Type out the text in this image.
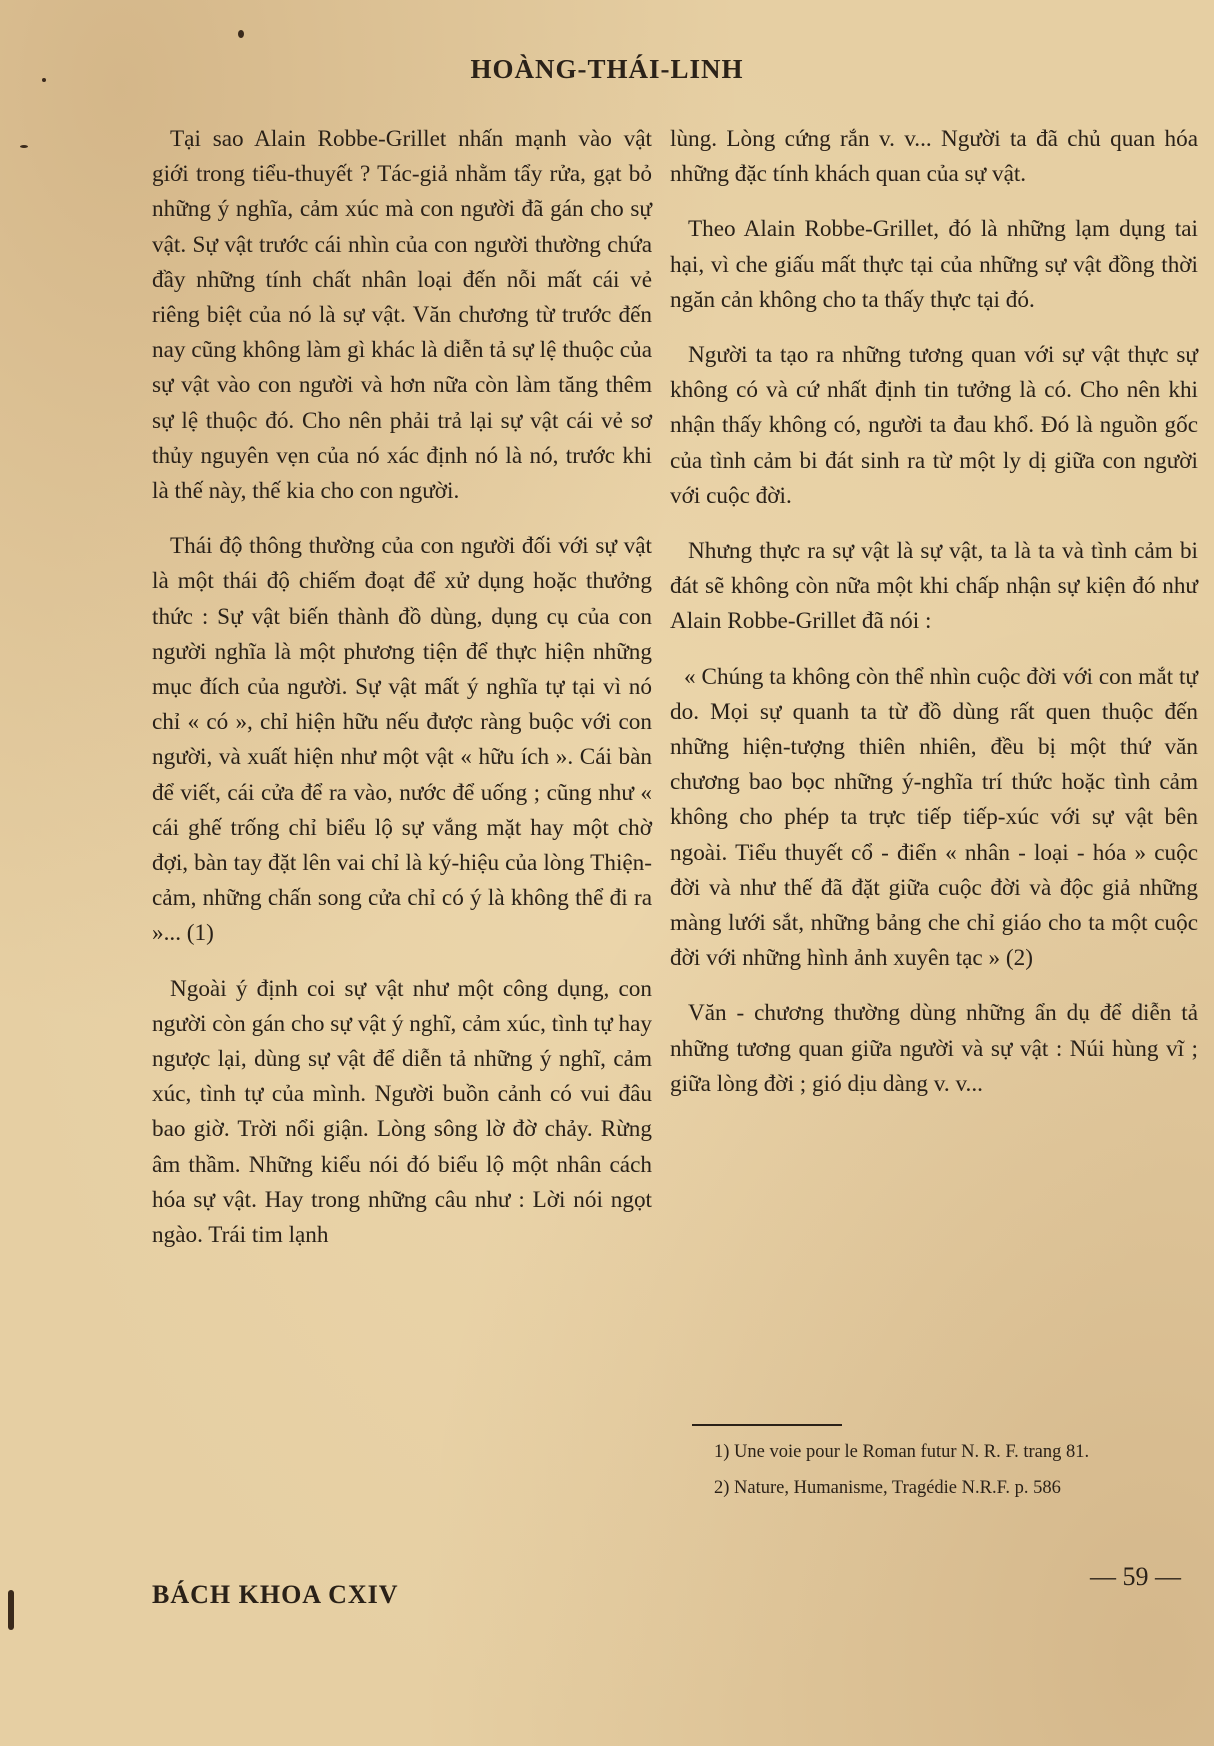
HOÀNG-THÁI-LINH

Tại sao Alain Robbe-Grillet nhấn mạnh vào vật giới trong tiểu-thuyết ? Tác-giả nhằm tẩy rửa, gạt bỏ những ý nghĩa, cảm xúc mà con người đã gán cho sự vật. Sự vật trước cái nhìn của con người thường chứa đầy những tính chất nhân loại đến nỗi mất cái vẻ riêng biệt của nó là sự vật. Văn chương từ trước đến nay cũng không làm gì khác là diễn tả sự lệ thuộc của sự vật vào con người và hơn nữa còn làm tăng thêm sự lệ thuộc đó. Cho nên phải trả lại sự vật cái vẻ sơ thủy nguyên vẹn của nó xác định nó là nó, trước khi là thế này, thế kia cho con người.

Thái độ thông thường của con người đối với sự vật là một thái độ chiếm đoạt để xử dụng hoặc thưởng thức : Sự vật biến thành đồ dùng, dụng cụ của con người nghĩa là một phương tiện để thực hiện những mục đích của người. Sự vật mất ý nghĩa tự tại vì nó chỉ « có », chỉ hiện hữu nếu được ràng buộc với con người, và xuất hiện như một vật « hữu ích ». Cái bàn để viết, cái cửa để ra vào, nước để uống ; cũng như « cái ghế trống chỉ biểu lộ sự vắng mặt hay một chờ đợi, bàn tay đặt lên vai chỉ là ký-hiệu của lòng Thiện-cảm, những chấn song cửa chỉ có ý là không thể đi ra »... (1)

Ngoài ý định coi sự vật như một công dụng, con người còn gán cho sự vật ý nghĩ, cảm xúc, tình tự hay ngược lại, dùng sự vật để diễn tả những ý nghĩ, cảm xúc, tình tự của mình. Người buồn cảnh có vui đâu bao giờ. Trời nổi giận. Lòng sông lờ đờ chảy. Rừng âm thầm. Những kiểu nói đó biểu lộ một nhân cách hóa sự vật. Hay trong những câu như : Lời nói ngọt ngào. Trái tim lạnh

lùng. Lòng cứng rắn v. v... Người ta đã chủ quan hóa những đặc tính khách quan của sự vật.

Theo Alain Robbe-Grillet, đó là những lạm dụng tai hại, vì che giấu mất thực tại của những sự vật đồng thời ngăn cản không cho ta thấy thực tại đó.

Người ta tạo ra những tương quan với sự vật thực sự không có và cứ nhất định tin tưởng là có. Cho nên khi nhận thấy không có, người ta đau khổ. Đó là nguồn gốc của tình cảm bi đát sinh ra từ một ly dị giữa con người với cuộc đời.

Nhưng thực ra sự vật là sự vật, ta là ta và tình cảm bi đát sẽ không còn nữa một khi chấp nhận sự kiện đó như Alain Robbe-Grillet đã nói :

« Chúng ta không còn thể nhìn cuộc đời với con mắt tự do. Mọi sự quanh ta từ đồ dùng rất quen thuộc đến những hiện-tượng thiên nhiên, đều bị một thứ văn chương bao bọc những ý-nghĩa trí thức hoặc tình cảm không cho phép ta trực tiếp tiếp-xúc với sự vật bên ngoài. Tiểu thuyết cổ - điển « nhân - loại - hóa » cuộc đời và như thế đã đặt giữa cuộc đời và độc giả những màng lưới sắt, những bảng che chỉ giáo cho ta một cuộc đời với những hình ảnh xuyên tạc » (2)

Văn - chương thường dùng những ẩn dụ để diễn tả những tương quan giữa người và sự vật : Núi hùng vĩ ; giữa lòng đời ; gió dịu dàng v. v...

1) Une voie pour le Roman futur N. R. F. trang 81.
2) Nature, Humanisme, Tragédie N.R.F. p. 586
BÁCH KHOA CXIV
— 59 —
